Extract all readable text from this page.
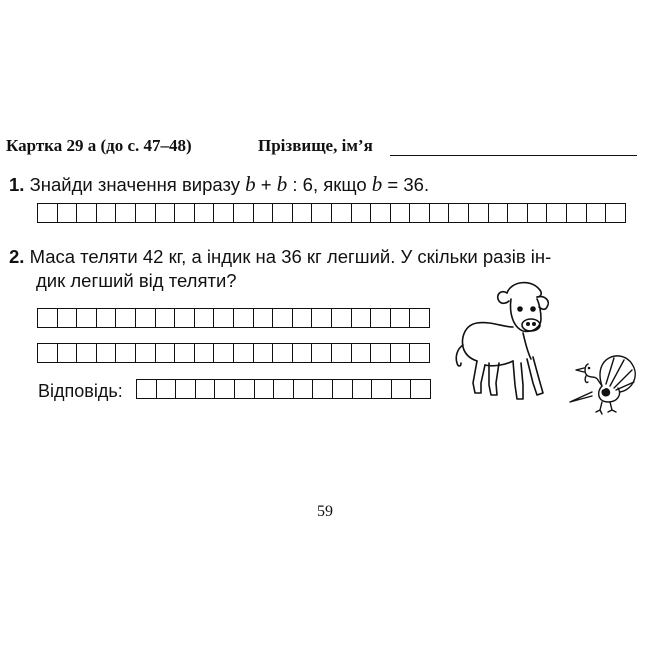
Картка 29 а (до с. 47–48)	Прізвище, ім’я
1. Знайди значення виразу b + b : 6, якщо b = 36.
2. Маса теляти 42 кг, а індик на 36 кг легший. У скільки разів ін-
дик легший від теляти?
Відповідь:
59
